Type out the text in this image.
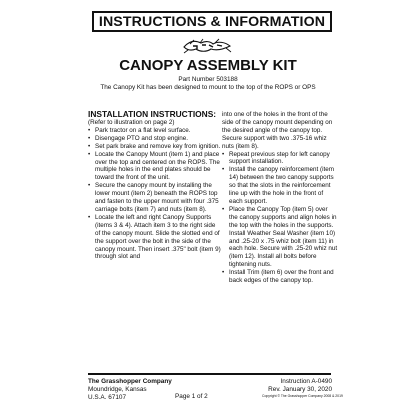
INSTRUCTIONS & INFORMATION
CANOPY ASSEMBLY KIT
Part Number 503188
The Canopy Kit has been designed to mount to the top of the ROPS or OPS
INSTALLATION INSTRUCTIONS:

(Refer to illustration on page 2)

• Park tractor on a flat level surface.
• Disengage PTO and stop engine.
• Set park brake and remove key from ignition.
• Locate the Canopy Mount (item 1) and place over the top and centered on the ROPS. The multiple holes in the end plates should be toward the front of the unit.
• Secure the canopy mount by installing the lower mount (item 2) beneath the ROPS top and fasten to the upper mount with four .375 carriage bolts (item 7) and nuts (item 8).
• Locate the left and right Canopy Supports (items 3 & 4). Attach item 3 to the right side of the canopy mount. Slide the slotted end of the support over the bolt in the side of the canopy mount. Then insert .375" bolt (item 9) through slot and

into one of the holes in the front of the side of the canopy mount depending on the desired angle of the canopy top. Secure support with two .375-16 whiz nuts (item 8).

• Repeat previous step for left canopy support installation.
• Install the canopy reinforcement (item 14) between the two canopy supports so that the slots in the reinforcement line up with the hole in the front of each support.
• Place the Canopy Top (item 5) over the canopy supports and align holes in the top with the holes in the supports. Install Weather Seal Washer (item 10) and .25-20 x .75 whiz bolt (item 11) in each hole. Secure with .25-20 whiz nut (item 12). Install all bolts before tightening nuts.
• Install Trim (item 6) over the front and back edges of the canopy top.
The Grasshopper Company
Moundridge, Kansas
U.S.A. 67107	Page 1 of 2
Instruction A-0490
Rev. January 30, 2020
Copyright © The Grasshopper Company 2008 & 2019
